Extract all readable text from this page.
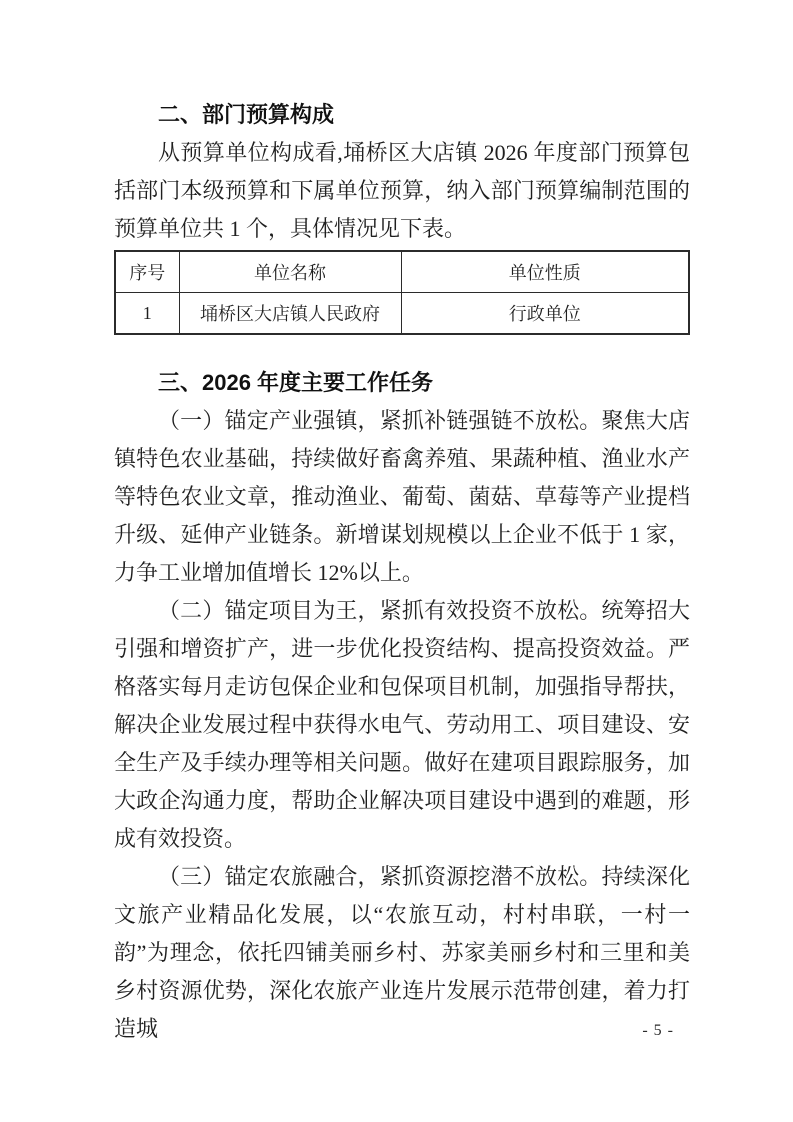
二、部门预算构成

从预算单位构成看,埇桥区大店镇 2026 年度部门预算包括部门本级预算和下属单位预算，纳入部门预算编制范围的预算单位共 1 个，具体情况见下表。

序号	单位名称	单位性质
1	埇桥区大店镇人民政府	行政单位
三、2026 年度主要工作任务

（一）锚定产业强镇，紧抓补链强链不放松。聚焦大店镇特色农业基础，持续做好畜禽养殖、果蔬种植、渔业水产等特色农业文章，推动渔业、葡萄、菌菇、草莓等产业提档升级、延伸产业链条。新增谋划规模以上企业不低于 1 家，力争工业增加值增长 12%以上。

（二）锚定项目为王，紧抓有效投资不放松。统筹招大引强和增资扩产，进一步优化投资结构、提高投资效益。严格落实每月走访包保企业和包保项目机制，加强指导帮扶，解决企业发展过程中获得水电气、劳动用工、项目建设、安全生产及手续办理等相关问题。做好在建项目跟踪服务，加大政企沟通力度，帮助企业解决项目建设中遇到的难题，形成有效投资。

（三）锚定农旅融合，紧抓资源挖潜不放松。持续深化文旅产业精品化发展，以“农旅互动，村村串联，一村一韵”为理念，依托四铺美丽乡村、苏家美丽乡村和三里和美乡村资源优势，深化农旅产业连片发展示范带创建，着力打造城	- 5 -
